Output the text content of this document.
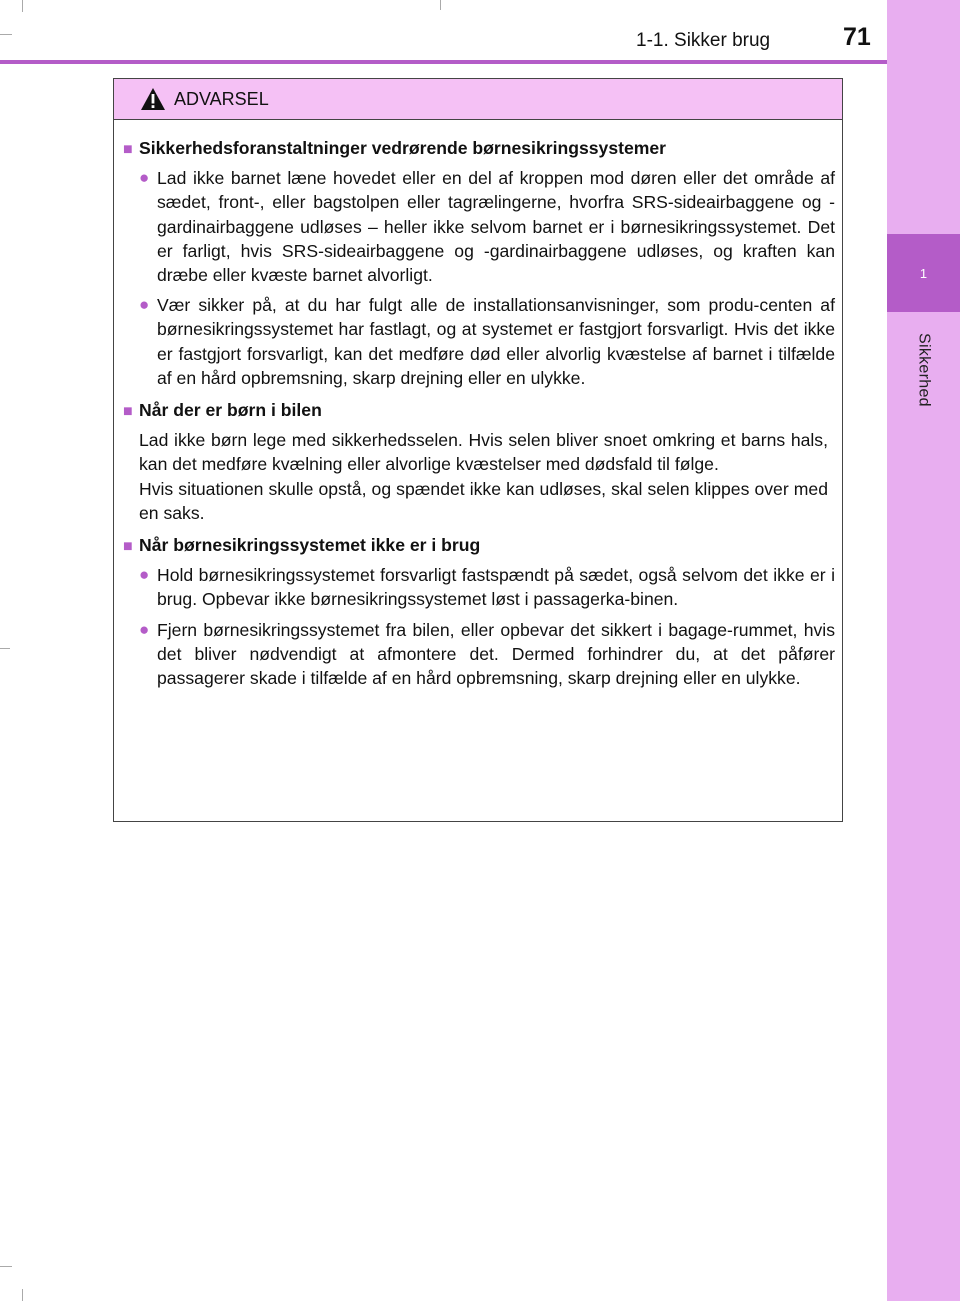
1
Sikkerhed
1-1. Sikker brug	71
ADVARSEL
■ Sikkerhedsforanstaltninger vedrørende børnesikringssystemer
● Lad ikke barnet læne hovedet eller en del af kroppen mod døren eller det område af sædet, front-, eller bagstolpen eller tagrælingerne, hvorfra SRS-sideairbaggene og -gardinairbaggene udløses – heller ikke selvom barnet er i børnesikringssystemet. Det er farligt, hvis SRS-sideairbaggene og -gardinairbaggene udløses, og kraften kan dræbe eller kvæste barnet alvorligt.
● Vær sikker på, at du har fulgt alle de installationsanvisninger, som produ-centen af børnesikringssystemet har fastlagt, og at systemet er fastgjort forsvarligt. Hvis det ikke er fastgjort forsvarligt, kan det medføre død eller alvorlig kvæstelse af barnet i tilfælde af en hård opbremsning, skarp drejning eller en ulykke.
■ Når der er børn i bilen
Lad ikke børn lege med sikkerhedsselen. Hvis selen bliver snoet omkring et barns hals, kan det medføre kvælning eller alvorlige kvæstelser med dødsfald til følge.
Hvis situationen skulle opstå, og spændet ikke kan udløses, skal selen klippes over med en saks.
■ Når børnesikringssystemet ikke er i brug
● Hold børnesikringssystemet forsvarligt fastspændt på sædet, også selvom det ikke er i brug. Opbevar ikke børnesikringssystemet løst i passagerka-binen.
● Fjern børnesikringssystemet fra bilen, eller opbevar det sikkert i bagage-rummet, hvis det bliver nødvendigt at afmontere det. Dermed forhindrer du, at det påfører passagerer skade i tilfælde af en hård opbremsning, skarp drejning eller en ulykke.
